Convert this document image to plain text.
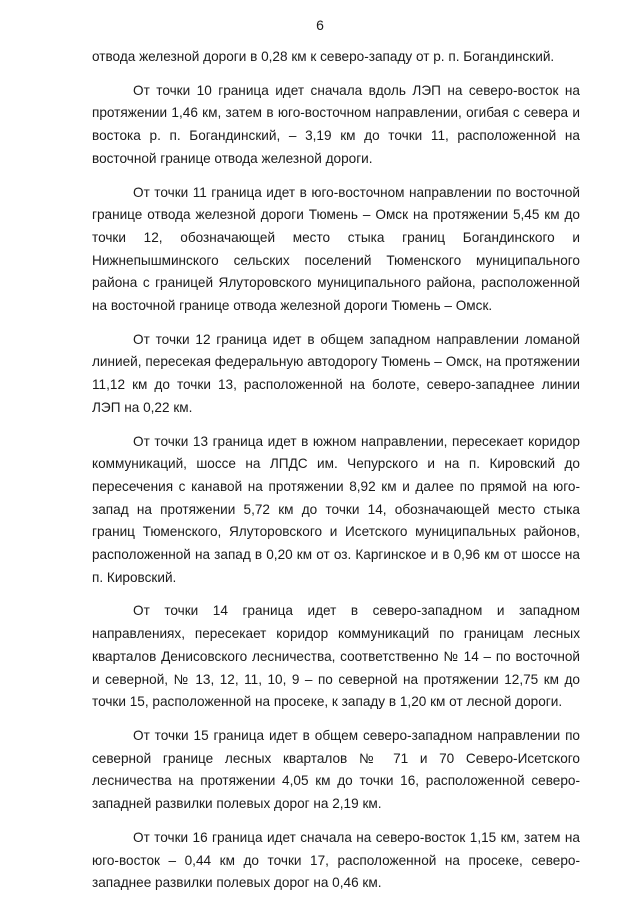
6

отвода железной дороги в 0,28 км к северо-западу от р. п. Богандинский.

От точки 10 граница идет сначала вдоль ЛЭП на северо-восток на протяжении 1,46 км, затем в юго-восточном направлении, огибая с севера и востока р. п. Богандинский, – 3,19 км до точки 11, расположенной на восточной границе отвода железной дороги.

От точки 11 граница идет в юго-восточном направлении по восточной границе отвода железной дороги Тюмень – Омск на протяжении 5,45 км до точки 12, обозначающей место стыка границ Богандинского и Нижнепышминского сельских поселений Тюменского муниципального района с границей Ялуторовского муниципального района, расположенной на восточной границе отвода железной дороги Тюмень – Омск.

От точки 12 граница идет в общем западном направлении ломаной линией, пересекая федеральную автодорогу Тюмень – Омск, на протяжении 11,12 км до точки 13, расположенной на болоте, северо-западнее линии ЛЭП на 0,22 км.

От точки 13 граница идет в южном направлении, пересекает коридор коммуникаций, шоссе на ЛПДС им. Чепурского и на п. Кировский до пересечения с канавой на протяжении 8,92 км и далее по прямой на юго-запад на протяжении 5,72 км до точки 14, обозначающей место стыка границ Тюменского, Ялуторовского и Исетского муниципальных районов, расположенной на запад в 0,20 км от оз. Каргинское и в 0,96 км от шоссе на п. Кировский.

От точки 14 граница идет в северо-западном и западном направлениях, пересекает коридор коммуникаций по границам лесных кварталов Денисовского лесничества, соответственно № 14 – по восточной и северной, № 13, 12, 11, 10, 9 – по северной на протяжении 12,75 км до точки 15, расположенной на просеке, к западу в 1,20 км от лесной дороги.

От точки 15 граница идет в общем северо-западном направлении по северной границе лесных кварталов № 71 и 70 Северо-Исетского лесничества на протяжении 4,05 км до точки 16, расположенной северо-западней развилки полевых дорог на 2,19 км.

От точки 16 граница идет сначала на северо-восток 1,15 км, затем на юго-восток – 0,44 км до точки 17, расположенной на просеке, северо-западнее развилки полевых дорог на 0,46 км.
